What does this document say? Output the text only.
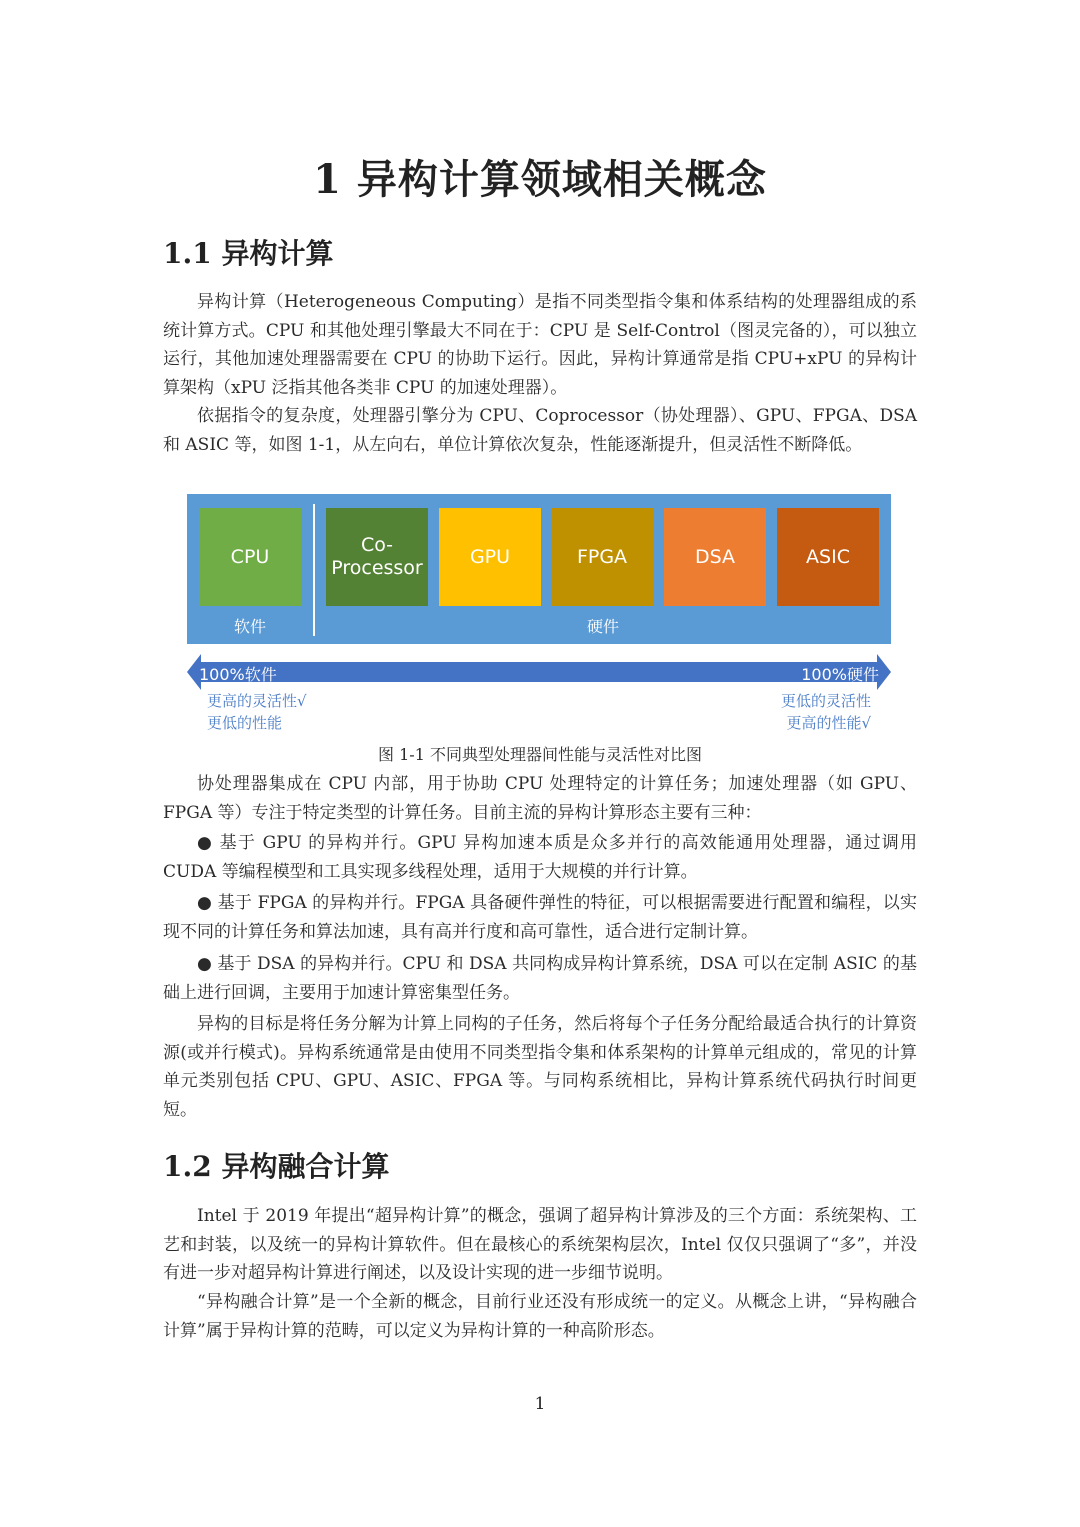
1 异构计算领域相关概念
1.1 异构计算

异构计算（Heterogeneous Computing）是指不同类型指令集和体系结构的处理器组成的系统计算方式。CPU 和其他处理引擎最大不同在于：CPU 是 Self-Control（图灵完备的），可以独立运行，其他加速处理器需要在 CPU 的协助下运行。因此，异构计算通常是指 CPU+xPU 的异构计算架构（xPU 泛指其他各类非 CPU 的加速处理器）。

依据指令的复杂度，处理器引擎分为 CPU、Coprocessor（协处理器）、GPU、FPGA、DSA 和 ASIC 等，如图 1-1，从左向右，单位计算依次复杂，性能逐渐提升，但灵活性不断降低。

CPU
Co-
Processor
GPU	FPGA	DSA	ASIC
软件	硬件
100%软件	100%硬件
更高的灵活性√
更低的性能
更低的灵活性
更高的性能√
图 1-1 不同典型处理器间性能与灵活性对比图

协处理器集成在 CPU 内部，用于协助 CPU 处理特定的计算任务；加速处理器（如 GPU、FPGA 等）专注于特定类型的计算任务。目前主流的异构计算形态主要有三种：

● 基于 GPU 的异构并行。GPU 异构加速本质是众多并行的高效能通用处理器，通过调用 CUDA 等编程模型和工具实现多线程处理，适用于大规模的并行计算。

● 基于 FPGA 的异构并行。FPGA 具备硬件弹性的特征，可以根据需要进行配置和编程，以实现不同的计算任务和算法加速，具有高并行度和高可靠性，适合进行定制计算。

● 基于 DSA 的异构并行。CPU 和 DSA 共同构成异构计算系统，DSA 可以在定制 ASIC 的基础上进行回调，主要用于加速计算密集型任务。

异构的目标是将任务分解为计算上同构的子任务，然后将每个子任务分配给最适合执行的计算资源(或并行模式)。异构系统通常是由使用不同类型指令集和体系架构的计算单元组成的，常见的计算单元类别包括 CPU、GPU、ASIC、FPGA 等。与同构系统相比，异构计算系统代码执行时间更短。

1.2 异构融合计算

Intel 于 2019 年提出“超异构计算”的概念，强调了超异构计算涉及的三个方面：系统架构、工艺和封装，以及统一的异构计算软件。但在最核心的系统架构层次，Intel 仅仅只强调了“多”，并没有进一步对超异构计算进行阐述，以及设计实现的进一步细节说明。

“异构融合计算”是一个全新的概念，目前行业还没有形成统一的定义。从概念上讲，“异构融合计算”属于异构计算的范畴，可以定义为异构计算的一种高阶形态。

1
